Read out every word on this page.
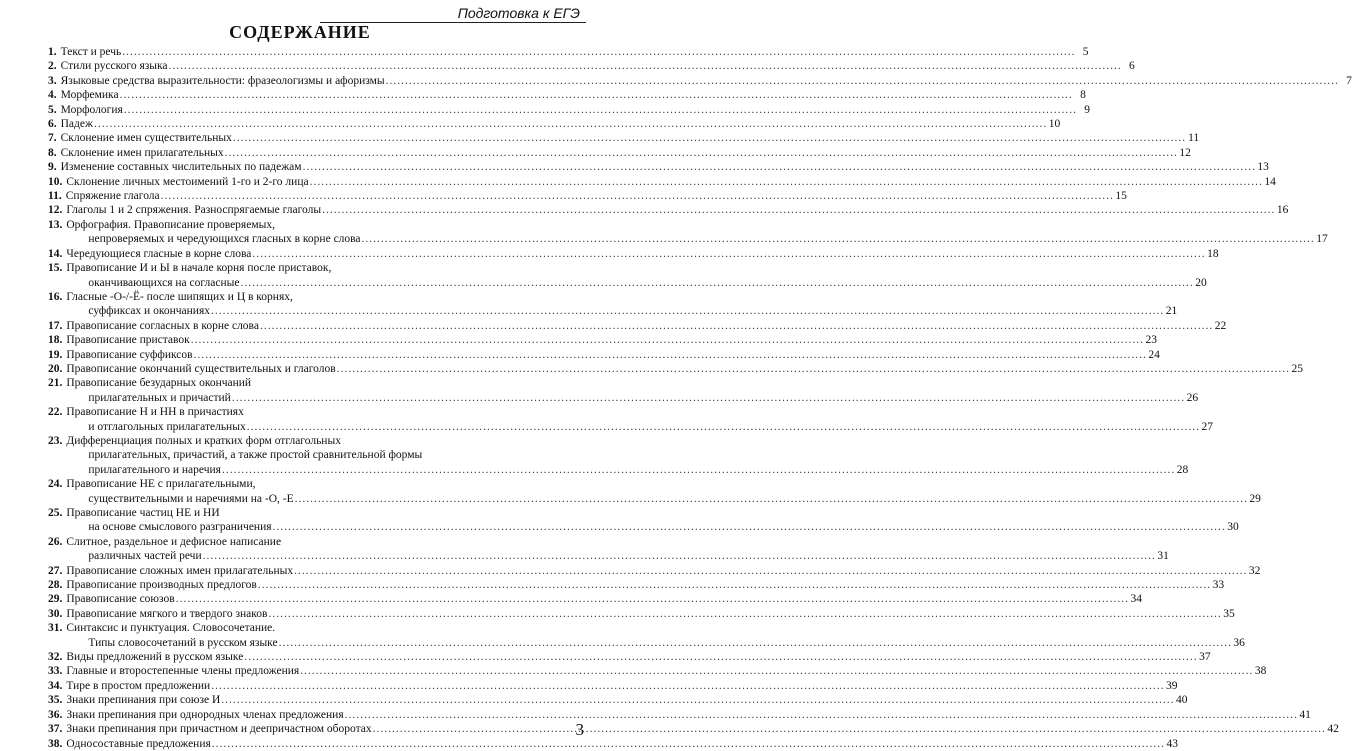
Подготовка к ЕГЭ
СОДЕРЖАНИЕ
1. Текст и речь .....	5
2. Стили русского языка .....	6
3. Языковые средства выразительности: фразеологизмы и афоризмы .....	7
4. Морфемика .....	8
5. Морфология .....	9
6. Падеж .....	10
7. Склонение имен существительных .....	11
8. Склонение имен прилагательных .....	12
9. Изменение составных числительных по падежам .....	13
10. Склонение личных местоимений 1-го и 2-го лица .....	14
11. Спряжение глагола .....	15
12. Глаголы 1 и 2 спряжения. Разноспрягаемые глаголы .....	16
13. Орфография. Правописание проверяемых,
непроверяемых и чередующихся гласных в корне слова .....	17
14. Чередующиеся гласные в корне слова .....	18
15. Правописание И и Ы в начале корня после приставок,
оканчивающихся на согласные .....	20
16. Гласные -О-/-Ё- после шипящих и Ц в корнях,
суффиксах и окончаниях .....	21
17. Правописание согласных в корне слова .....	22
18. Правописание приставок .....	23
19. Правописание суффиксов .....	24
20. Правописание окончаний существительных и глаголов .....	25
21. Правописание безударных окончаний
прилагательных и причастий .....	26
22. Правописание Н и НН в причастиях
и отглагольных прилагательных .....	27
23. Дифференциация полных и кратких форм отглагольных
прилагательных, причастий, а также простой сравнительной формы
прилагательного и наречия .....	28
24. Правописание НЕ с прилагательными,
существительными и наречиями на -О, -Е .....	29
25. Правописание частиц НЕ и НИ
на основе смыслового разграничения .....	30
26. Слитное, раздельное и дефисное написание
различных частей речи .....	31
27. Правописание сложных имен прилагательных .....	32
28. Правописание производных предлогов .....	33
29. Правописание союзов .....	34
30. Правописание мягкого и твердого знаков .....	35
31. Синтаксис и пунктуация. Словосочетание.
Типы словосочетаний в русском языке .....	36
32. Виды предложений в русском языке .....	37
33. Главные и второстепенные члены предложения .....	38
34. Тире в простом предложении .....	39
35. Знаки препинания при союзе И .....	40
36. Знаки препинания при однородных членах предложения .....	41
37. Знаки препинания при причастном и деепричастном оборотах .....	42
38. Односоставные предложения .....	43
3
